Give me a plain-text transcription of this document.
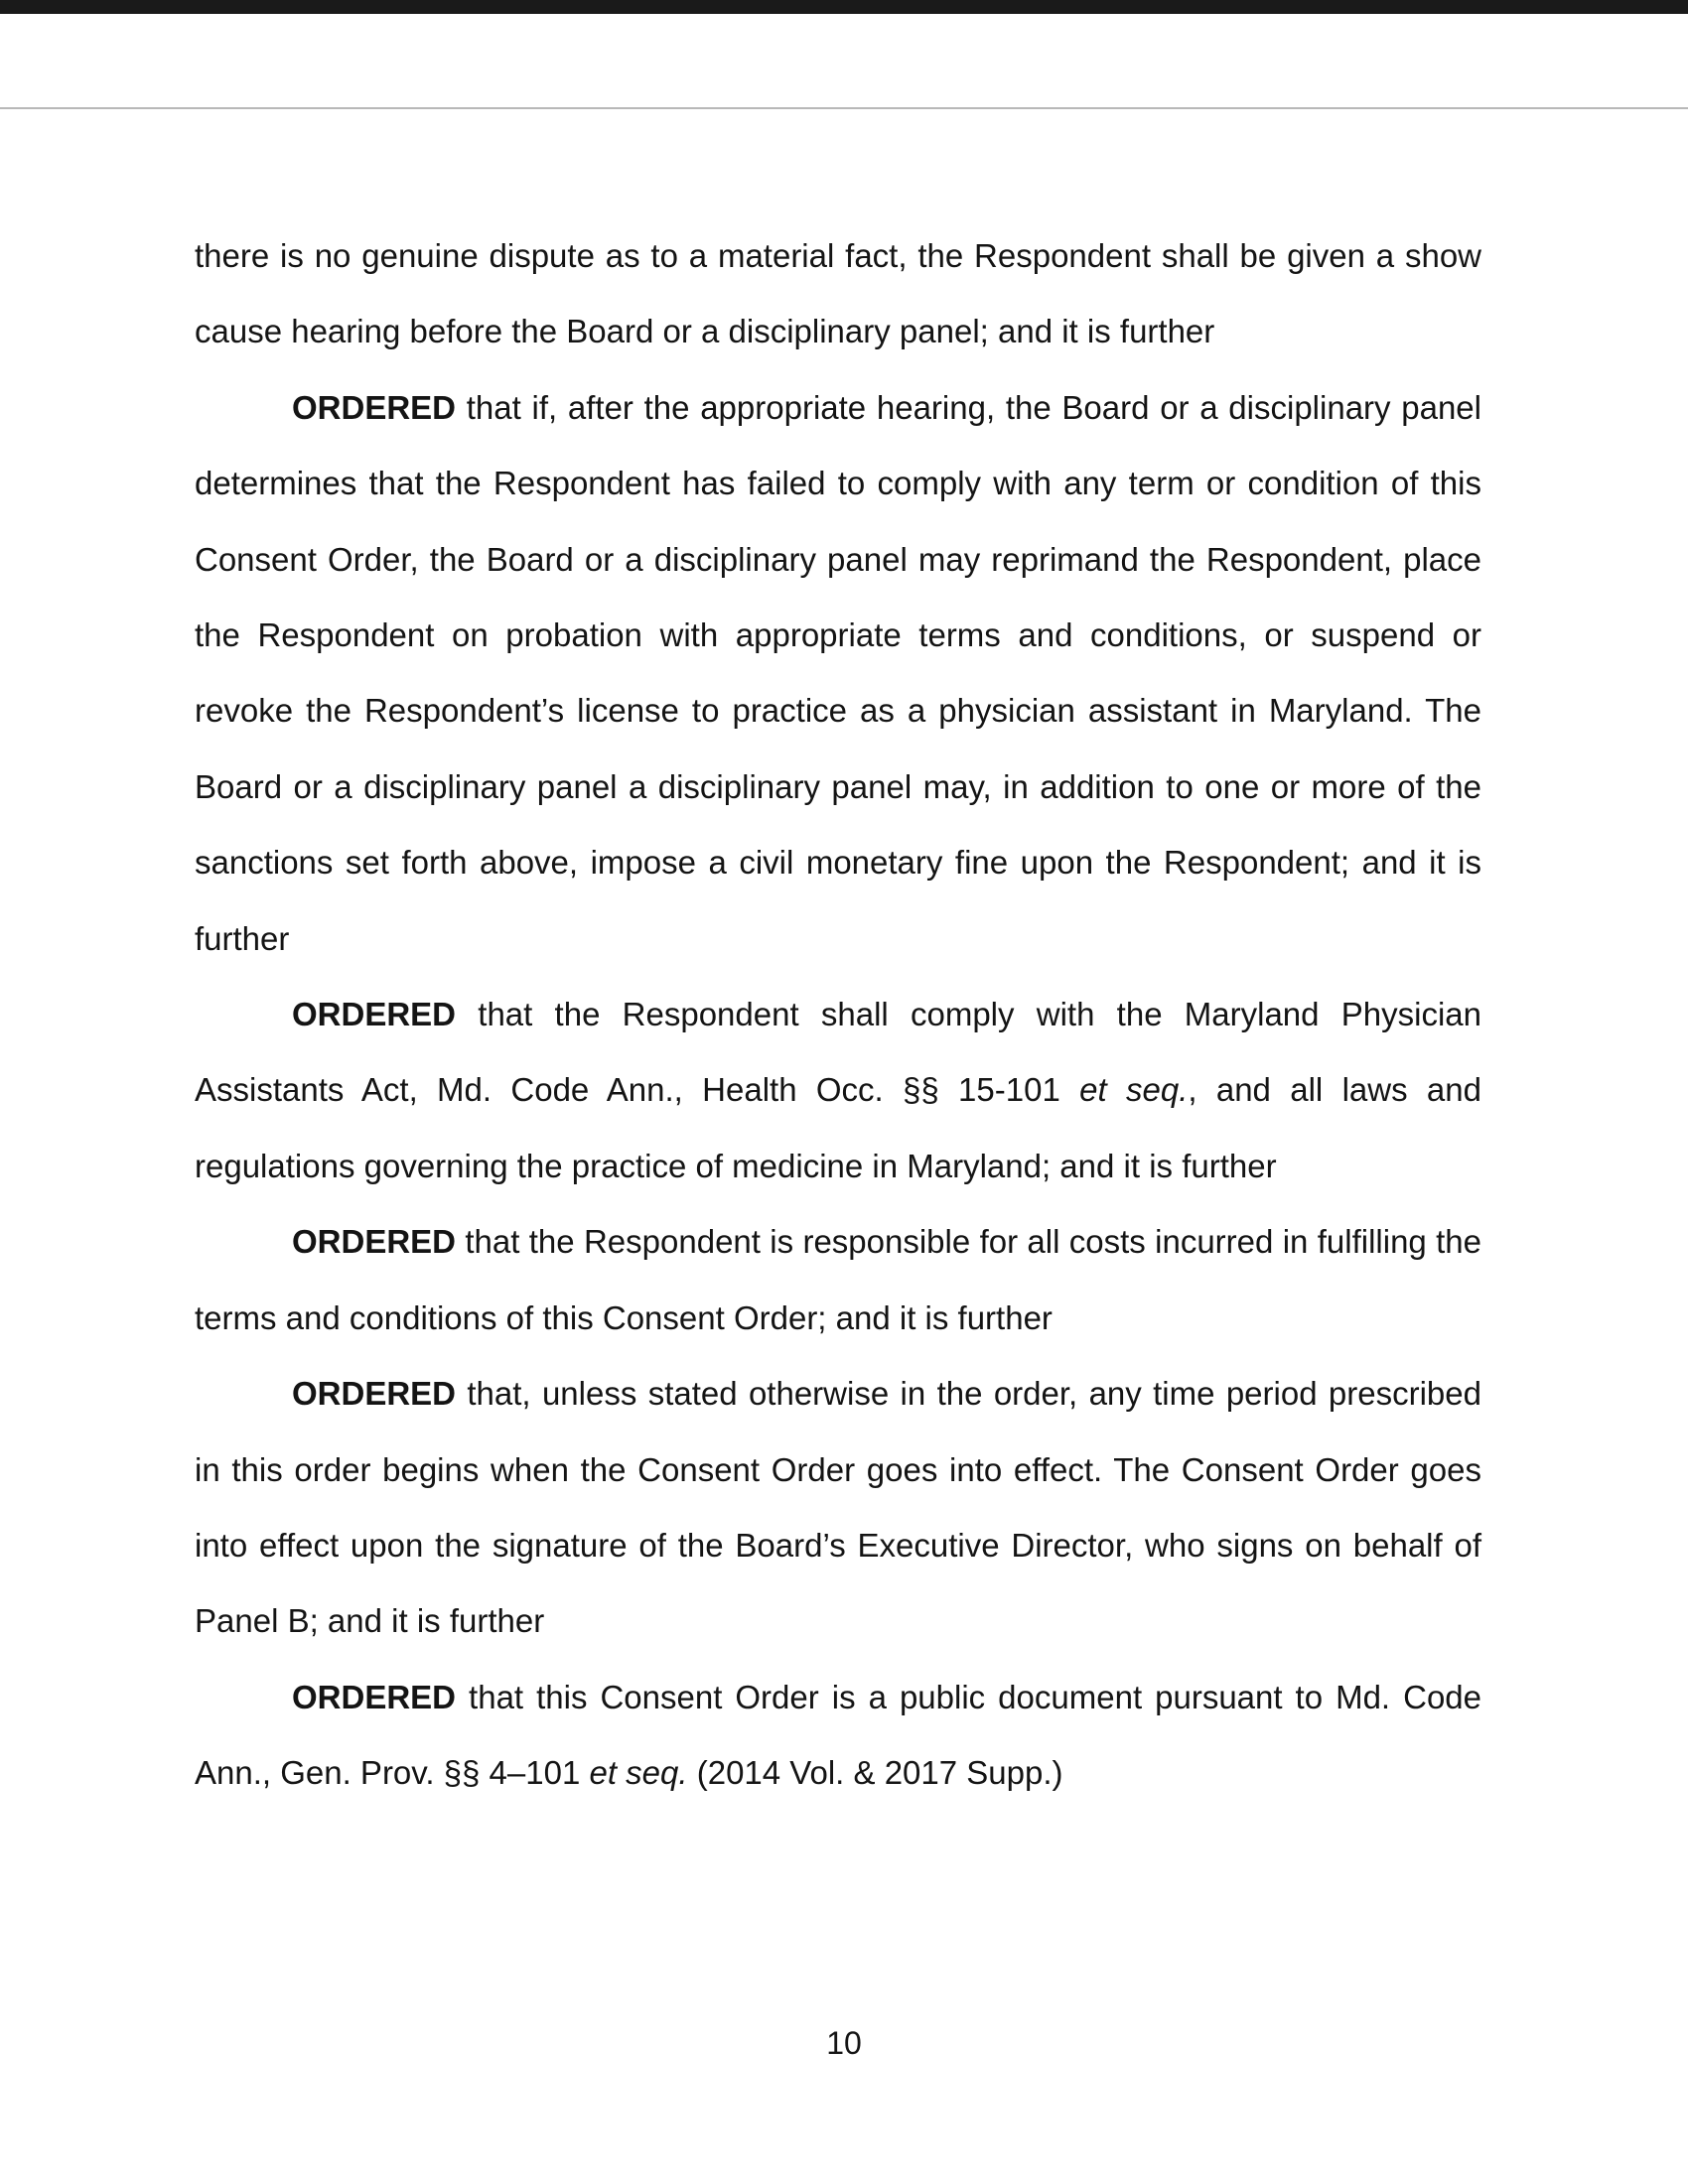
there is no genuine dispute as to a material fact, the Respondent shall be given a show cause hearing before the Board or a disciplinary panel; and it is further

ORDERED that if, after the appropriate hearing, the Board or a disciplinary panel determines that the Respondent has failed to comply with any term or condition of this Consent Order, the Board or a disciplinary panel may reprimand the Respondent, place the Respondent on probation with appropriate terms and conditions, or suspend or revoke the Respondent’s license to practice as a physician assistant in Maryland. The Board or a disciplinary panel a disciplinary panel may, in addition to one or more of the sanctions set forth above, impose a civil monetary fine upon the Respondent; and it is further

ORDERED that the Respondent shall comply with the Maryland Physician Assistants Act, Md. Code Ann., Health Occ. §§ 15-101 et seq., and all laws and regulations governing the practice of medicine in Maryland; and it is further

ORDERED that the Respondent is responsible for all costs incurred in fulfilling the terms and conditions of this Consent Order; and it is further

ORDERED that, unless stated otherwise in the order, any time period prescribed in this order begins when the Consent Order goes into effect. The Consent Order goes into effect upon the signature of the Board’s Executive Director, who signs on behalf of Panel B; and it is further

ORDERED that this Consent Order is a public document pursuant to Md. Code Ann., Gen. Prov. §§ 4–101 et seq. (2014 Vol. & 2017 Supp.)

10
